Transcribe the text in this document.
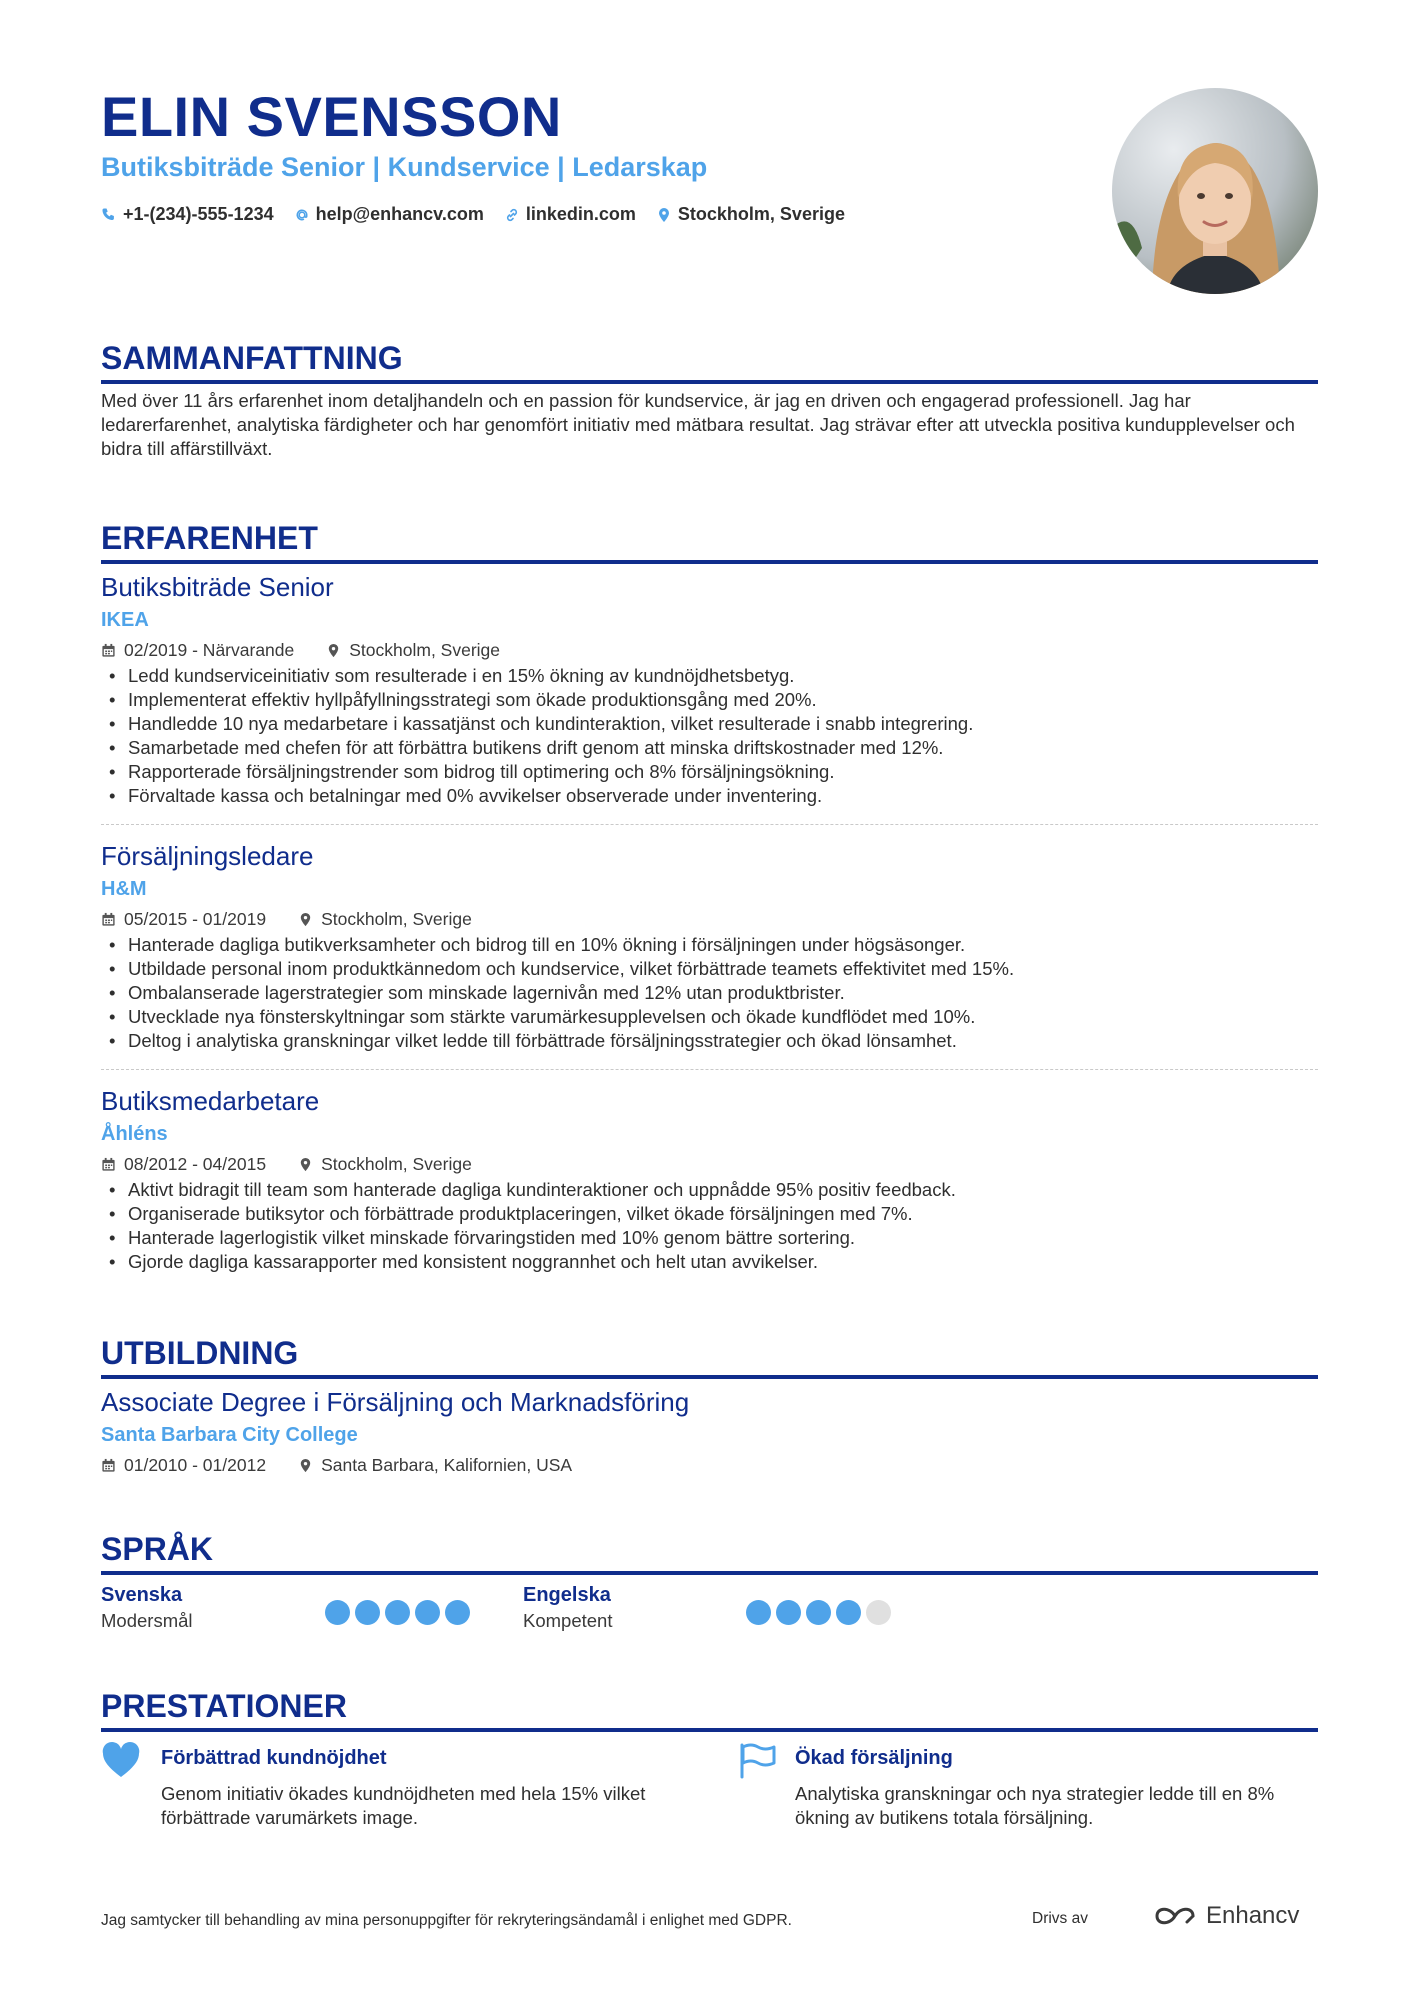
ELIN SVENSSON
Butiksbiträde Senior | Kundservice | Ledarskap
+1-(234)-555-1234 help@enhancv.com linkedin.com Stockholm, Sverige
SAMMANFATTNING
Med över 11 års erfarenhet inom detaljhandeln och en passion för kundservice, är jag en driven och engagerad professionell. Jag har ledarerfarenhet, analytiska färdigheter och har genomfört initiativ med mätbara resultat. Jag strävar efter att utveckla positiva kundupplevelser och bidra till affärstillväxt.
ERFARENHET
Butiksbiträde Senior
IKEA
02/2019 - Närvarande	Stockholm, Sverige
• Ledd kundserviceinitiativ som resulterade i en 15% ökning av kundnöjdhetsbetyg.
• Implementerat effektiv hyllpåfyllningsstrategi som ökade produktionsgång med 20%.
• Handledde 10 nya medarbetare i kassatjänst och kundinteraktion, vilket resulterade i snabb integrering.
• Samarbetade med chefen för att förbättra butikens drift genom att minska driftskostnader med 12%.
• Rapporterade försäljningstrender som bidrog till optimering och 8% försäljningsökning.
• Förvaltade kassa och betalningar med 0% avvikelser observerade under inventering.
Försäljningsledare
H&M
05/2015 - 01/2019	Stockholm, Sverige
• Hanterade dagliga butikverksamheter och bidrog till en 10% ökning i försäljningen under högsäsonger.
• Utbildade personal inom produktkännedom och kundservice, vilket förbättrade teamets effektivitet med 15%.
• Ombalanserade lagerstrategier som minskade lagernivån med 12% utan produktbrister.
• Utvecklade nya fönsterskyltningar som stärkte varumärkesupplevelsen och ökade kundflödet med 10%.
• Deltog i analytiska granskningar vilket ledde till förbättrade försäljningsstrategier och ökad lönsamhet.
Butiksmedarbetare
Åhléns
08/2012 - 04/2015	Stockholm, Sverige
• Aktivt bidragit till team som hanterade dagliga kundinteraktioner och uppnådde 95% positiv feedback.
• Organiserade butiksytor och förbättrade produktplaceringen, vilket ökade försäljningen med 7%.
• Hanterade lagerlogistik vilket minskade förvaringstiden med 10% genom bättre sortering.
• Gjorde dagliga kassarapporter med konsistent noggrannhet och helt utan avvikelser.
UTBILDNING
Associate Degree i Försäljning och Marknadsföring
Santa Barbara City College
01/2010 - 01/2012	Santa Barbara, Kalifornien, USA
SPRÅK
Svenska
Modersmål
Engelska
Kompetent
PRESTATIONER
Förbättrad kundnöjdhet
Genom initiativ ökades kundnöjdheten med hela 15% vilket förbättrade varumärkets image.
Ökad försäljning
Analytiska granskningar och nya strategier ledde till en 8% ökning av butikens totala försäljning.
Jag samtycker till behandling av mina personuppgifter för rekryteringsändamål i enlighet med GDPR.	Drivs av	Enhancv
